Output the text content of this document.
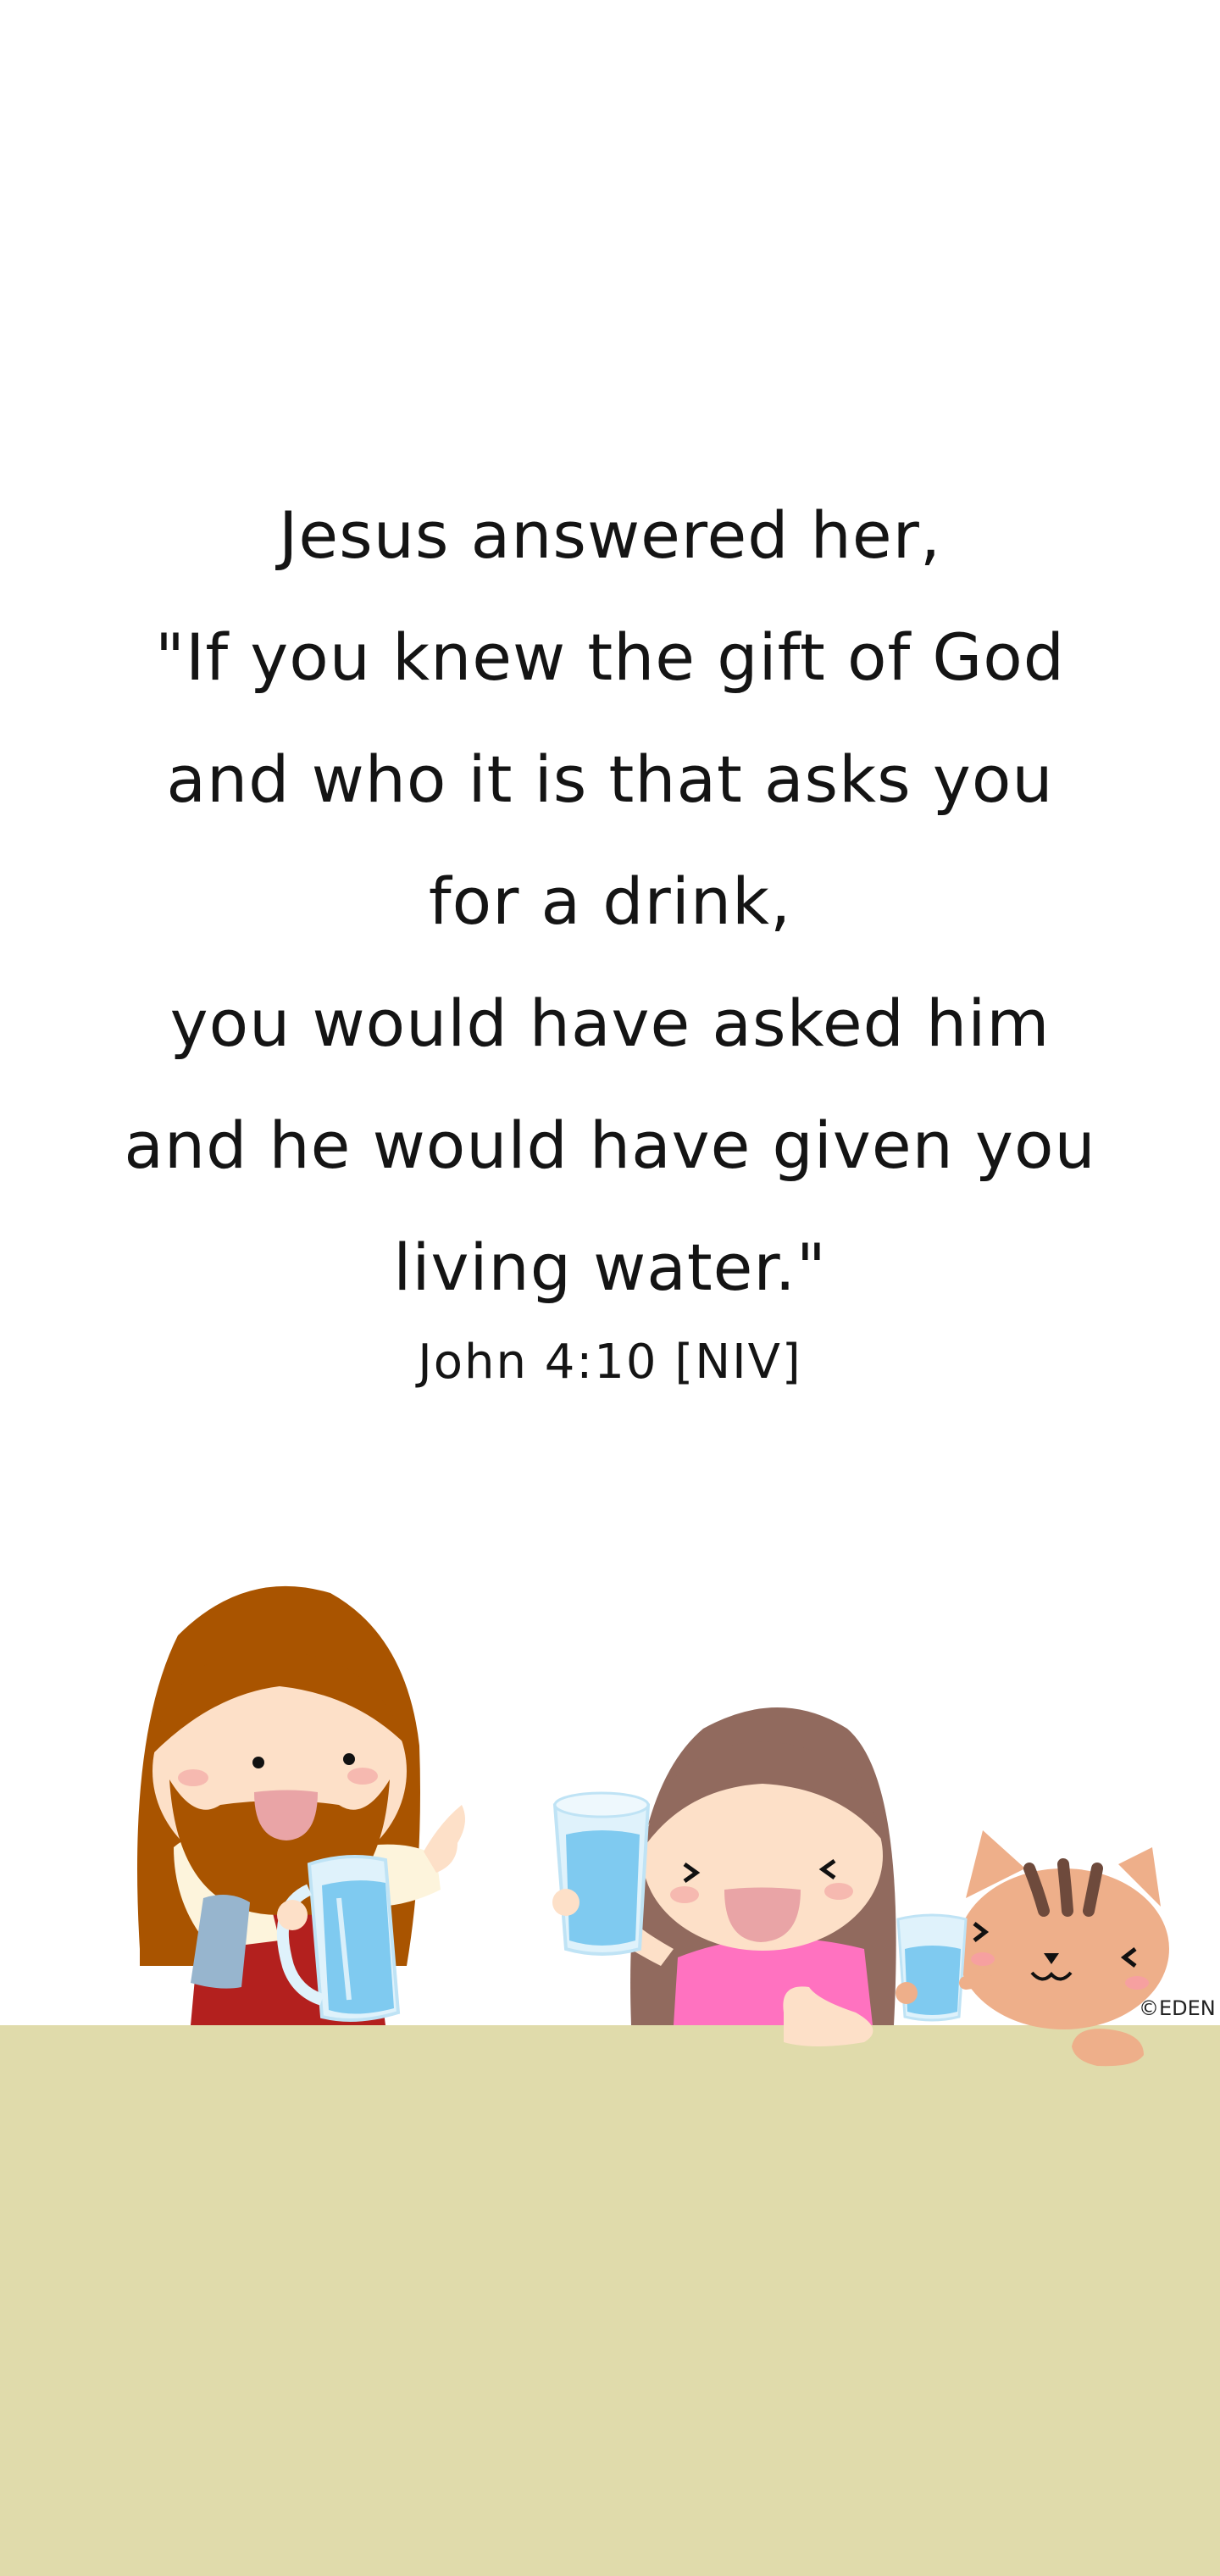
Jesus answered her,
"If you knew the gift of God
and who it is that asks you
for a drink,
you would have asked him
and he would have given you
living water."
John 4:10 [NIV]
©EDEN
